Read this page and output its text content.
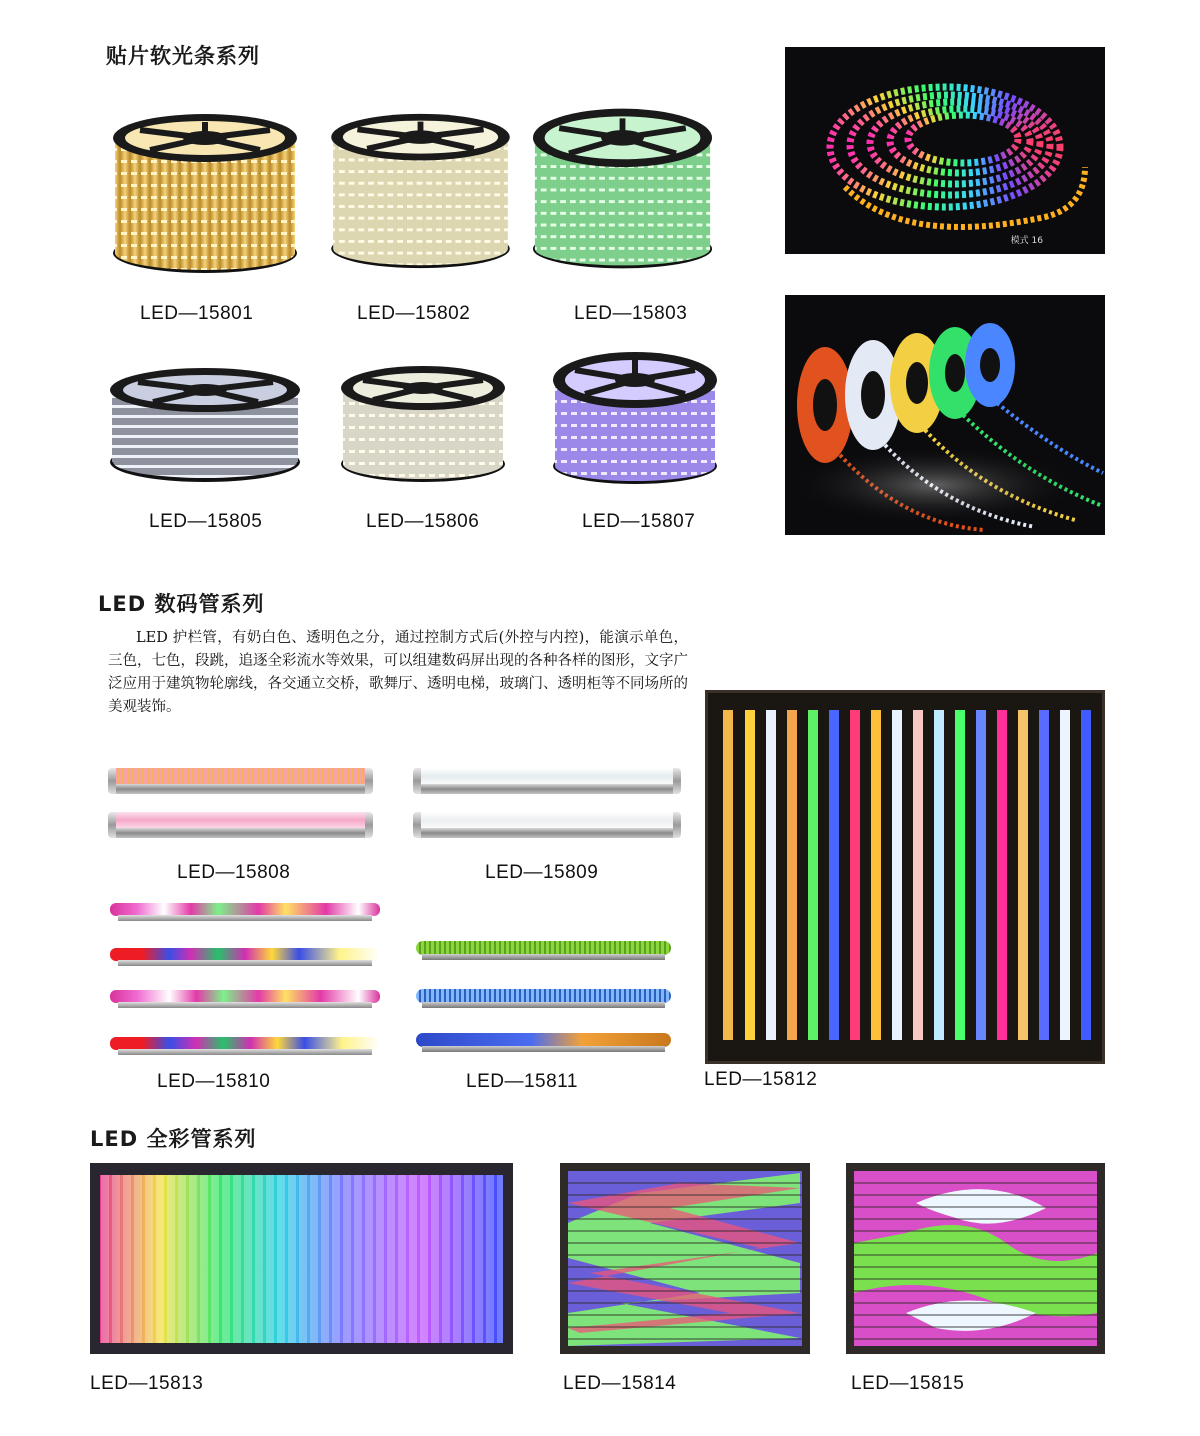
贴片软光条系列
LED—15801	LED—15802	LED—15803
LED—15805	LED—15806	LED—15807
模式 16
LED 数码管系列
LED 护栏管，有奶白色、透明色之分，通过控制方式后(外控与内控)，能演示单色，三色，七色，段跳，追逐全彩流水等效果，可以组建数码屏出现的各种各样的图形，文字广泛应用于建筑物轮廓线，各交通立交桥，歌舞厅、透明电梯，玻璃门、透明柜等不同场所的美观装饰。
LED—15808	LED—15809
LED—15810	LED—15811	LED—15812
LED 全彩管系列
LED—15813	LED—15814	LED—15815
